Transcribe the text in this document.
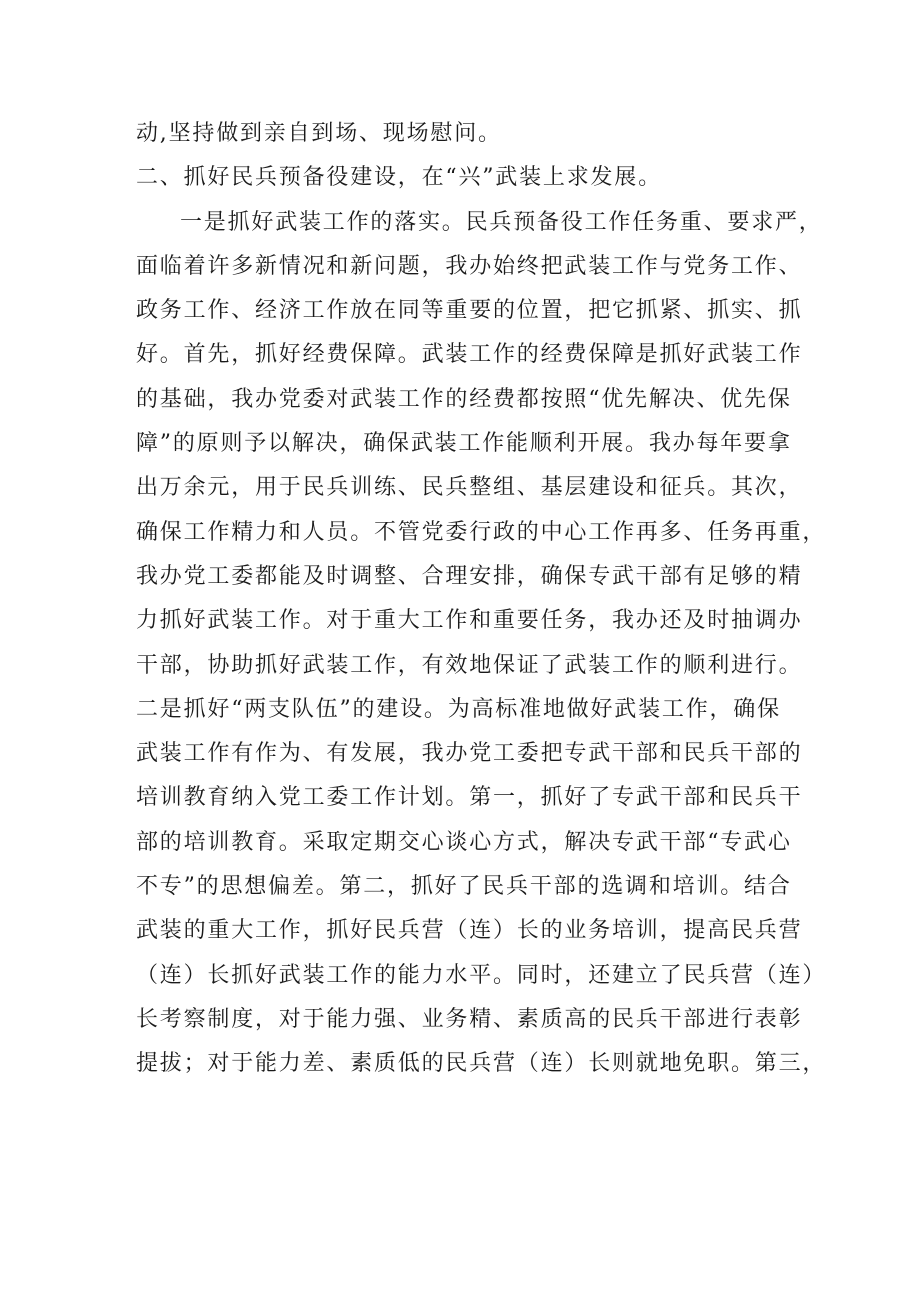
动,坚持做到亲自到场、现场慰问。
二、抓好民兵预备役建设，在“兴”武装上求发展。
一是抓好武装工作的落实。民兵预备役工作任务重、要求严，
面临着许多新情况和新问题，我办始终把武装工作与党务工作、
政务工作、经济工作放在同等重要的位置，把它抓紧、抓实、抓
好。首先，抓好经费保障。武装工作的经费保障是抓好武装工作
的基础，我办党委对武装工作的经费都按照“优先解决、优先保
障”的原则予以解决，确保武装工作能顺利开展。我办每年要拿
出万余元，用于民兵训练、民兵整组、基层建设和征兵。其次，
确保工作精力和人员。不管党委行政的中心工作再多、任务再重，
我办党工委都能及时调整、合理安排，确保专武干部有足够的精
力抓好武装工作。对于重大工作和重要任务，我办还及时抽调办
干部，协助抓好武装工作，有效地保证了武装工作的顺利进行。
二是抓好“两支队伍”的建设。为高标准地做好武装工作，确保
武装工作有作为、有发展，我办党工委把专武干部和民兵干部的
培训教育纳入党工委工作计划。第一，抓好了专武干部和民兵干
部的培训教育。采取定期交心谈心方式，解决专武干部“专武心
不专”的思想偏差。第二，抓好了民兵干部的选调和培训。结合
武装的重大工作，抓好民兵营（连）长的业务培训，提高民兵营
（连）长抓好武装工作的能力水平。同时，还建立了民兵营（连）
长考察制度，对于能力强、业务精、素质高的民兵干部进行表彰
提拔；对于能力差、素质低的民兵营（连）长则就地免职。第三，
